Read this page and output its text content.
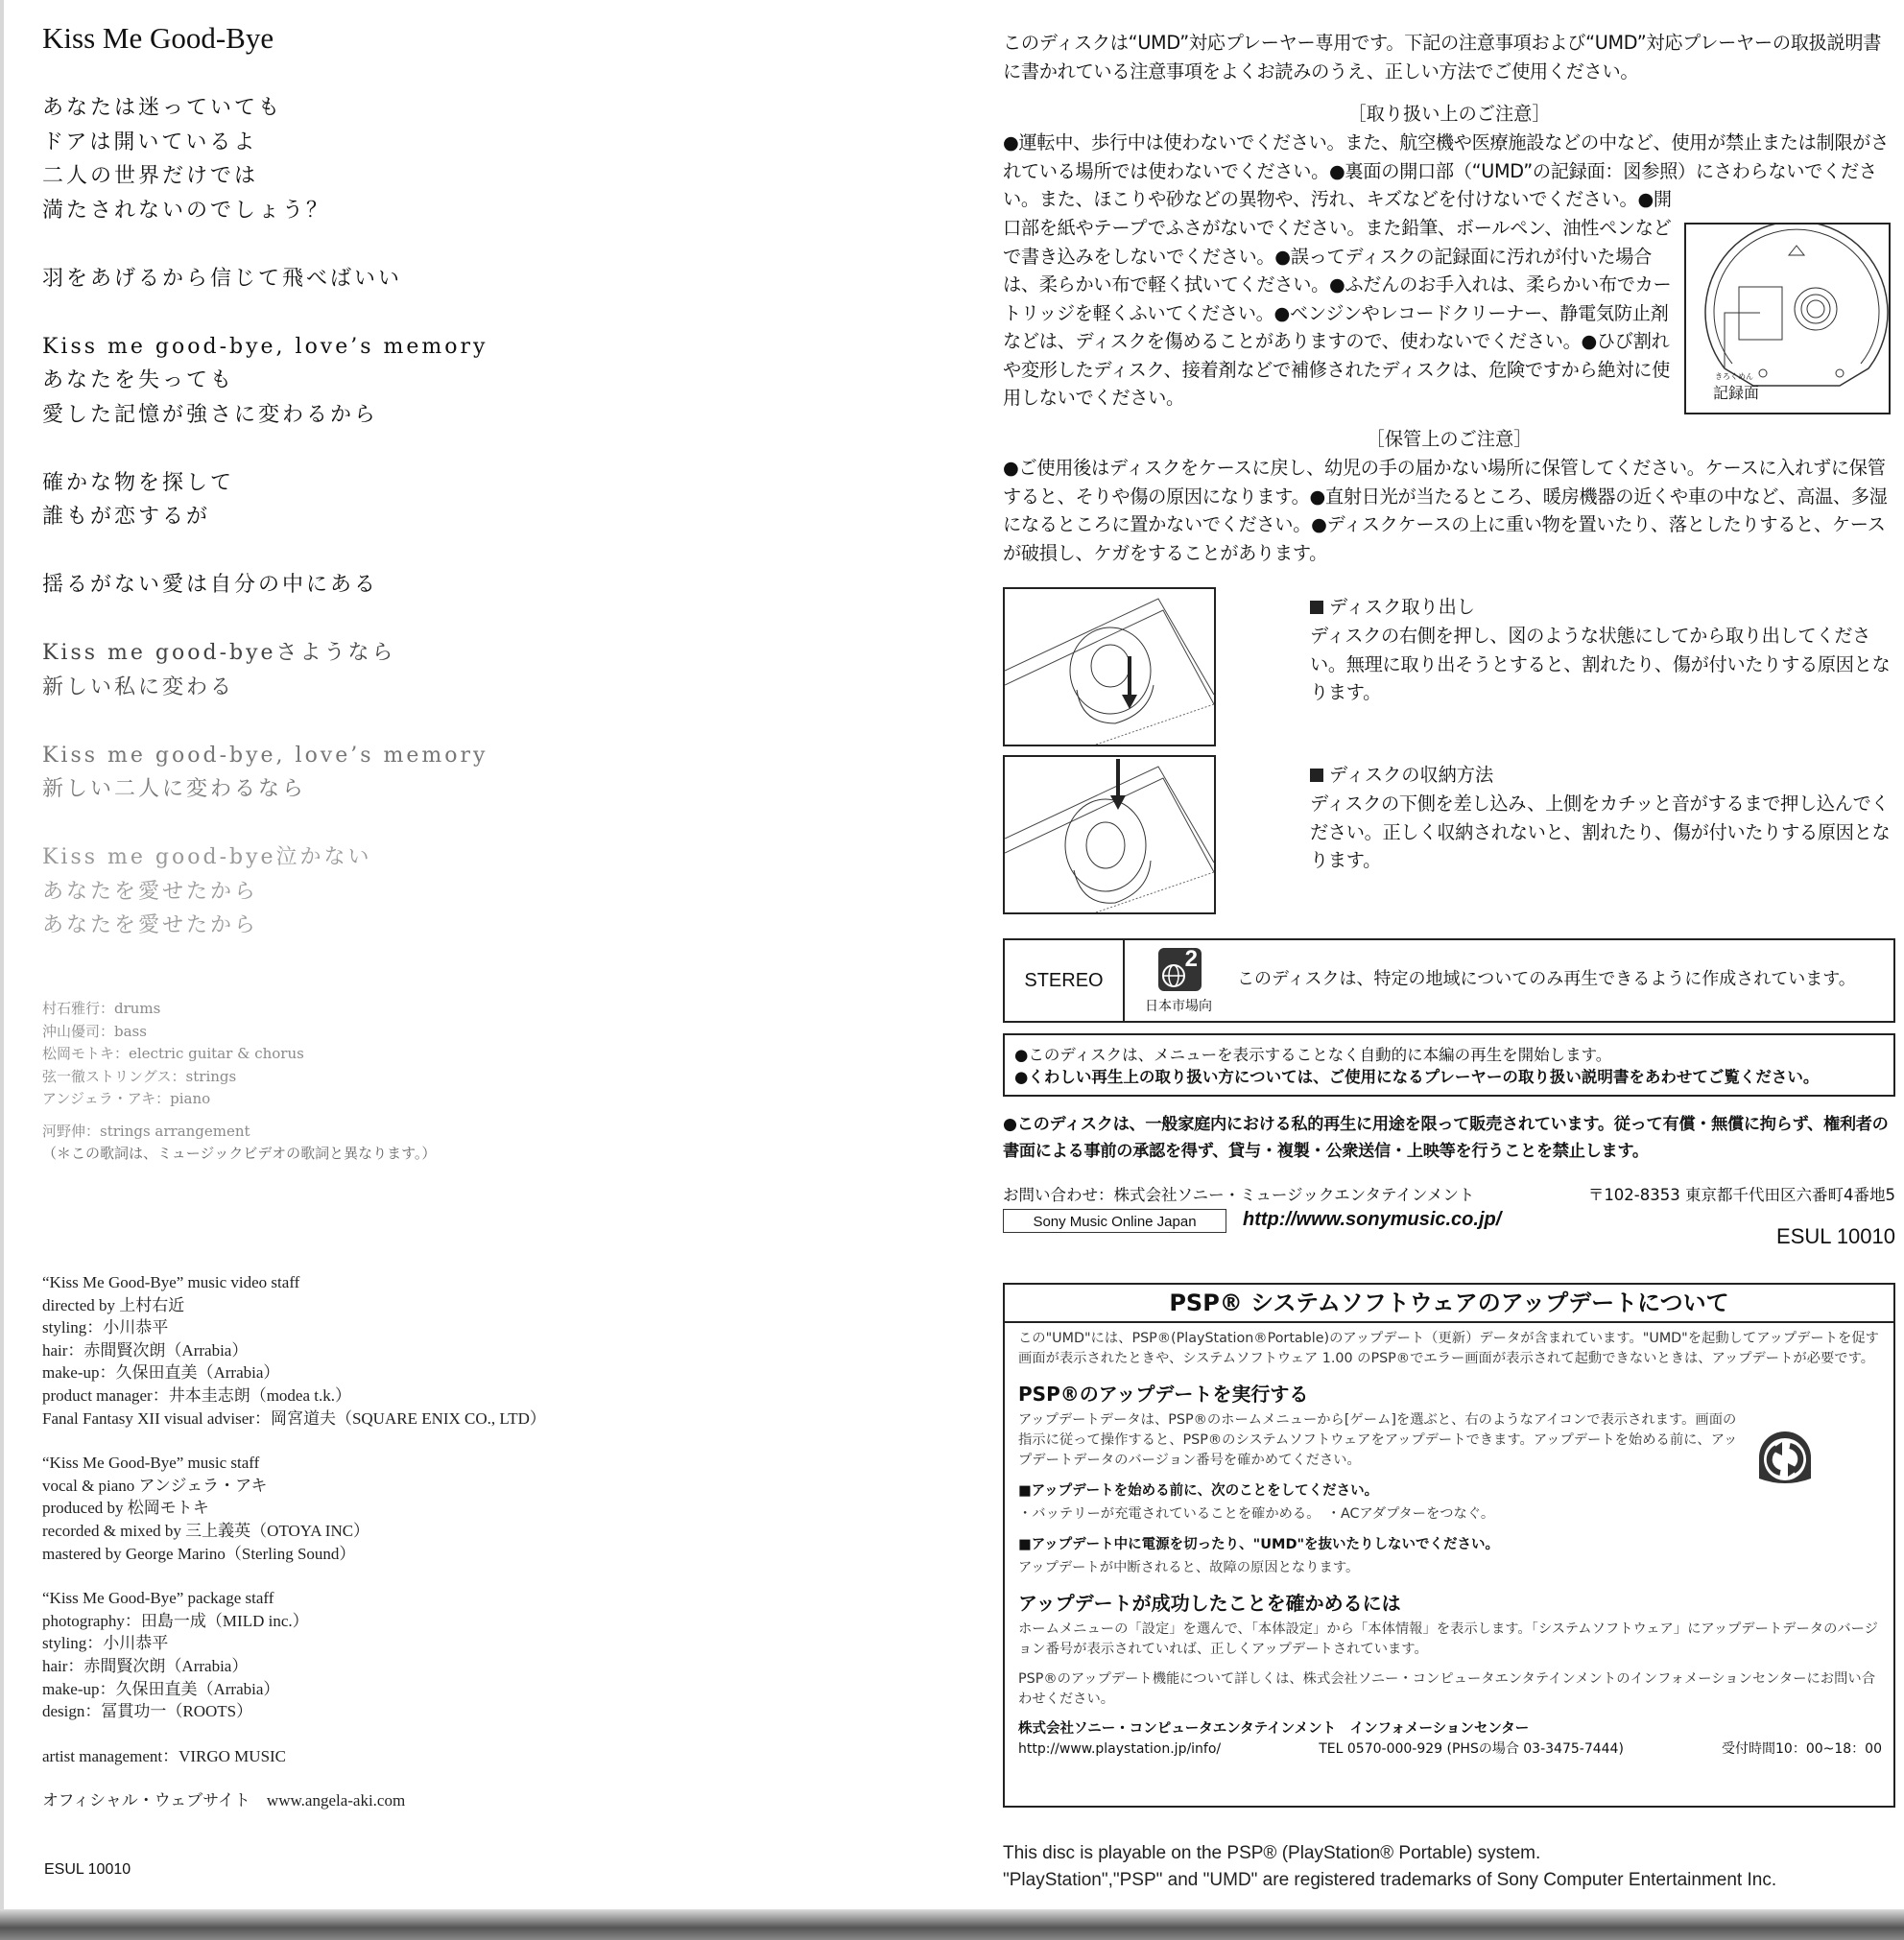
Kiss Me Good-Bye
あなたは迷っていても
ドアは開いているよ
二人の世界だけでは
満たされないのでしょう？
羽をあげるから信じて飛べばいい
Kiss me good-bye, love’s memory
あなたを失っても
愛した記憶が強さに変わるから
確かな物を探して
誰もが恋するが
揺るがない愛は自分の中にある
Kiss me good-byeさようなら
新しい私に変わる
Kiss me good-bye, love’s memory
新しい二人に変わるなら
Kiss me good-bye泣かない
あなたを愛せたから
あなたを愛せたから
村石雅行：drums
沖山優司：bass
松岡モトキ：electric guitar & chorus
弦一徹ストリングス：strings
アンジェラ・アキ：piano
河野伸：strings arrangement
（＊この歌詞は、ミュージックビデオの歌詞と異なります。）
“Kiss Me Good-Bye” music video staff
directed by 上村右近
styling：小川恭平
hair：赤間賢次朗（Arrabia）
make-up：久保田直美（Arrabia）
product manager：井本圭志朗（modea t.k.）
Fanal Fantasy XII visual adviser：岡宮道夫（SQUARE ENIX CO., LTD）
“Kiss Me Good-Bye” music staff
vocal & piano アンジェラ・アキ
produced by 松岡モトキ
recorded & mixed by 三上義英（OTOYA INC）
mastered by George Marino（Sterling Sound）
“Kiss Me Good-Bye” package staff
photography：田島一成（MILD inc.）
styling：小川恭平
hair：赤間賢次朗（Arrabia）
make-up：久保田直美（Arrabia）
design：冨貫功一（ROOTS）
artist management：VIRGO MUSIC
オフィシャル・ウェブサイト　www.angela-aki.com
ESUL 10010
このディスクは“UMD”対応プレーヤー専用です。下記の注意事項および“UMD”対応プレーヤーの取扱説明書に書かれている注意事項をよくお読みのうえ、正しい方法でご使用ください。
［取り扱い上のご注意］
●運転中、歩行中は使わないでください。また、航空機や医療施設などの中など、使用が禁止または制限がされている場所では使わないでください。●裏面の開口部（“UMD”の記録面：図参照）にさわらないでください。また、ほこりや砂などの異物や、汚れ、キズなどを付けないでください。●開
口部を紙やテープでふさがないでください。また鉛筆、ボールペン、油性ペンなどで書き込みをしないでください。●誤ってディスクの記録面に汚れが付いた場合は、柔らかい布で軽く拭いてください。●ふだんのお手入れは、柔らかい布でカートリッジを軽くふいてください。●ベンジンやレコードクリーナー、静電気防止剤などは、ディスクを傷めることがありますので、使わないでください。●ひび割れや変形したディスク、接着剤などで補修されたディスクは、危険ですから絶対に使用しないでください。
きろくめん
記録面
［保管上のご注意］
●ご使用後はディスクをケースに戻し、幼児の手の届かない場所に保管してください。ケースに入れずに保管すると、そりや傷の原因になります。●直射日光が当たるところ、暖房機器の近くや車の中など、高温、多湿になるところに置かないでください。●ディスクケースの上に重い物を置いたり、落としたりすると、ケースが破損し、ケガをすることがあります。
ディスク取り出し
ディスクの右側を押し、図のような状態にしてから取り出してください。無理に取り出そうとすると、割れたり、傷が付いたりする原因となります。
ディスクの収納方法
ディスクの下側を差し込み、上側をカチッと音がするまで押し込んでください。正しく収納されないと、割れたり、傷が付いたりする原因となります。
STEREO
2
日本市場向
このディスクは、特定の地域についてのみ再生できるように作成されています。
●このディスクは、メニューを表示することなく自動的に本編の再生を開始します。
●くわしい再生上の取り扱い方については、ご使用になるプレーヤーの取り扱い説明書をあわせてご覧ください。
●このディスクは、一般家庭内における私的再生に用途を限って販売されています。従って有償・無償に拘らず、権利者の書面による事前の承認を得ず、貸与・複製・公衆送信・上映等を行うことを禁止します。
お問い合わせ：株式会社ソニー・ミュージックエンタテインメント	〒102-8353 東京都千代田区六番町4番地5
Sony Music Online Japan	http://www.sonymusic.co.jp/
ESUL 10010
PSP® システムソフトウェアのアップデートについて
この"UMD"には、PSP®(PlayStation®Portable)のアップデート（更新）データが含まれています。"UMD"を起動してアップデートを促す画面が表示されたときや、システムソフトウェア 1.00 のPSP®でエラー画面が表示されて起動できないときは、アップデートが必要です。
PSP®のアップデートを実行する
アップデートデータは、PSP®のホームメニューから[ゲーム]を選ぶと、右のようなアイコンで表示されます。画面の指示に従って操作すると、PSP®のシステムソフトウェアをアップデートできます。アップデートを始める前に、アップデートデータのバージョン番号を確かめてください。
■アップデートを始める前に、次のことをしてください。
・バッテリーが充電されていることを確かめる。　・ACアダプターをつなぐ。
■アップデート中に電源を切ったり、"UMD"を抜いたりしないでください。
アップデートが中断されると、故障の原因となります。
アップデートが成功したことを確かめるには
ホームメニューの「設定」を選んで、「本体設定」から「本体情報」を表示します。「システムソフトウェア」にアップデートデータのバージョン番号が表示されていれば、正しくアップデートされています。
PSP®のアップデート機能について詳しくは、株式会社ソニー・コンピュータエンタテインメントのインフォメーションセンターにお問い合わせください。
株式会社ソニー・コンピュータエンタテインメント　インフォメーションセンター
http://www.playstation.jp/info/	TEL 0570-000-929 (PHSの場合 03-3475-7444)	受付時間10：00~18：00
This disc is playable on the PSP® (PlayStation® Portable) system.
"PlayStation","PSP" and "UMD" are registered trademarks of Sony Computer Entertainment Inc.
